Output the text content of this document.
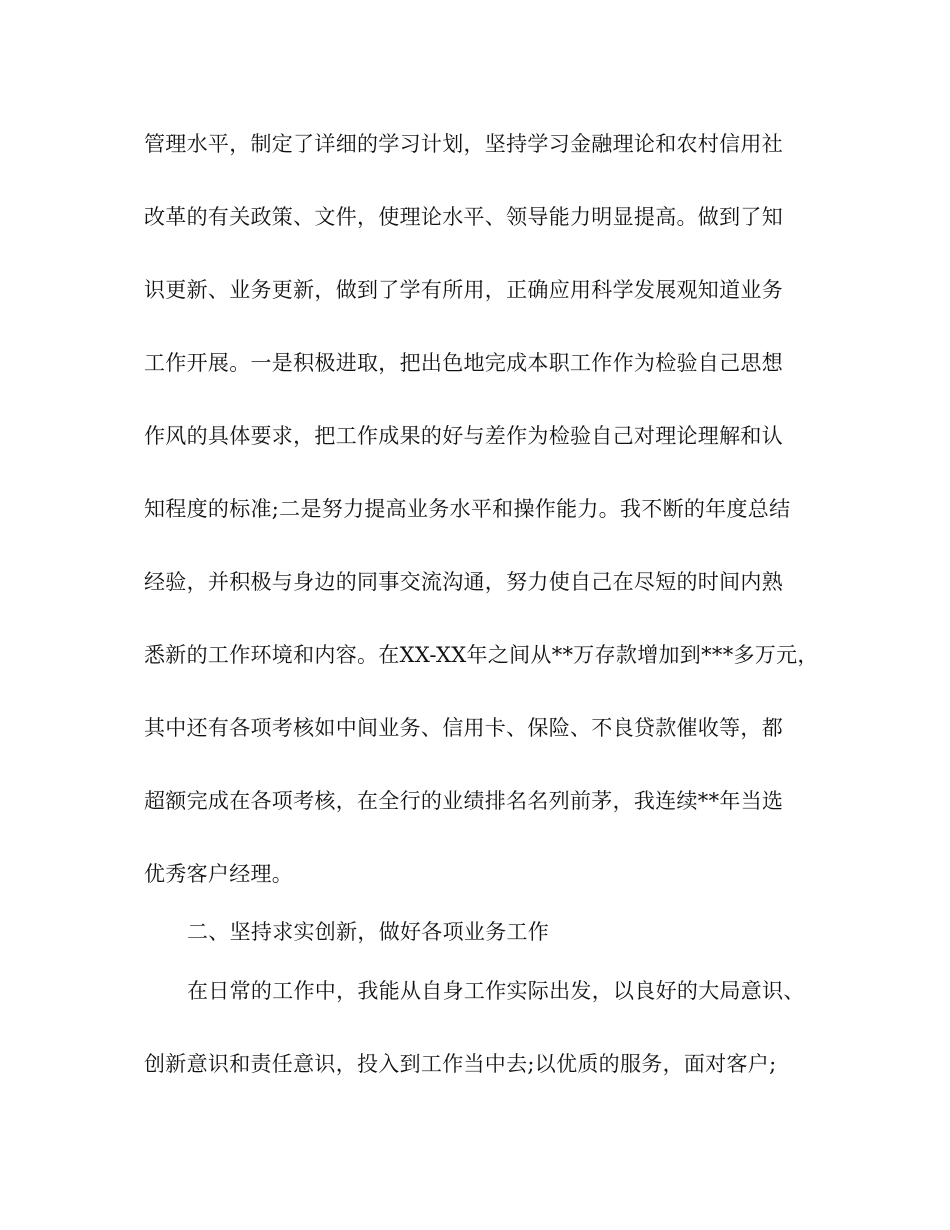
管理水平，制定了详细的学习计划，坚持学习金融理论和农村信用社
改革的有关政策、文件，使理论水平、领导能力明显提高。做到了知
识更新、业务更新，做到了学有所用，正确应用科学发展观知道业务
工作开展。一是积极进取，把出色地完成本职工作作为检验自己思想
作风的具体要求，把工作成果的好与差作为检验自己对理论理解和认
知程度的标准;二是努力提高业务水平和操作能力。我不断的年度总结
经验，并积极与身边的同事交流沟通，努力使自己在尽短的时间内熟
悉新的工作环境和内容。在XX-XX年之间从**万存款增加到***多万元，
其中还有各项考核如中间业务、信用卡、保险、不良贷款催收等，都
超额完成在各项考核，在全行的业绩排名名列前茅，我连续**年当选
优秀客户经理。
二、坚持求实创新，做好各项业务工作
在日常的工作中，我能从自身工作实际出发，以良好的大局意识、
创新意识和责任意识，投入到工作当中去;以优质的服务，面对客户;
